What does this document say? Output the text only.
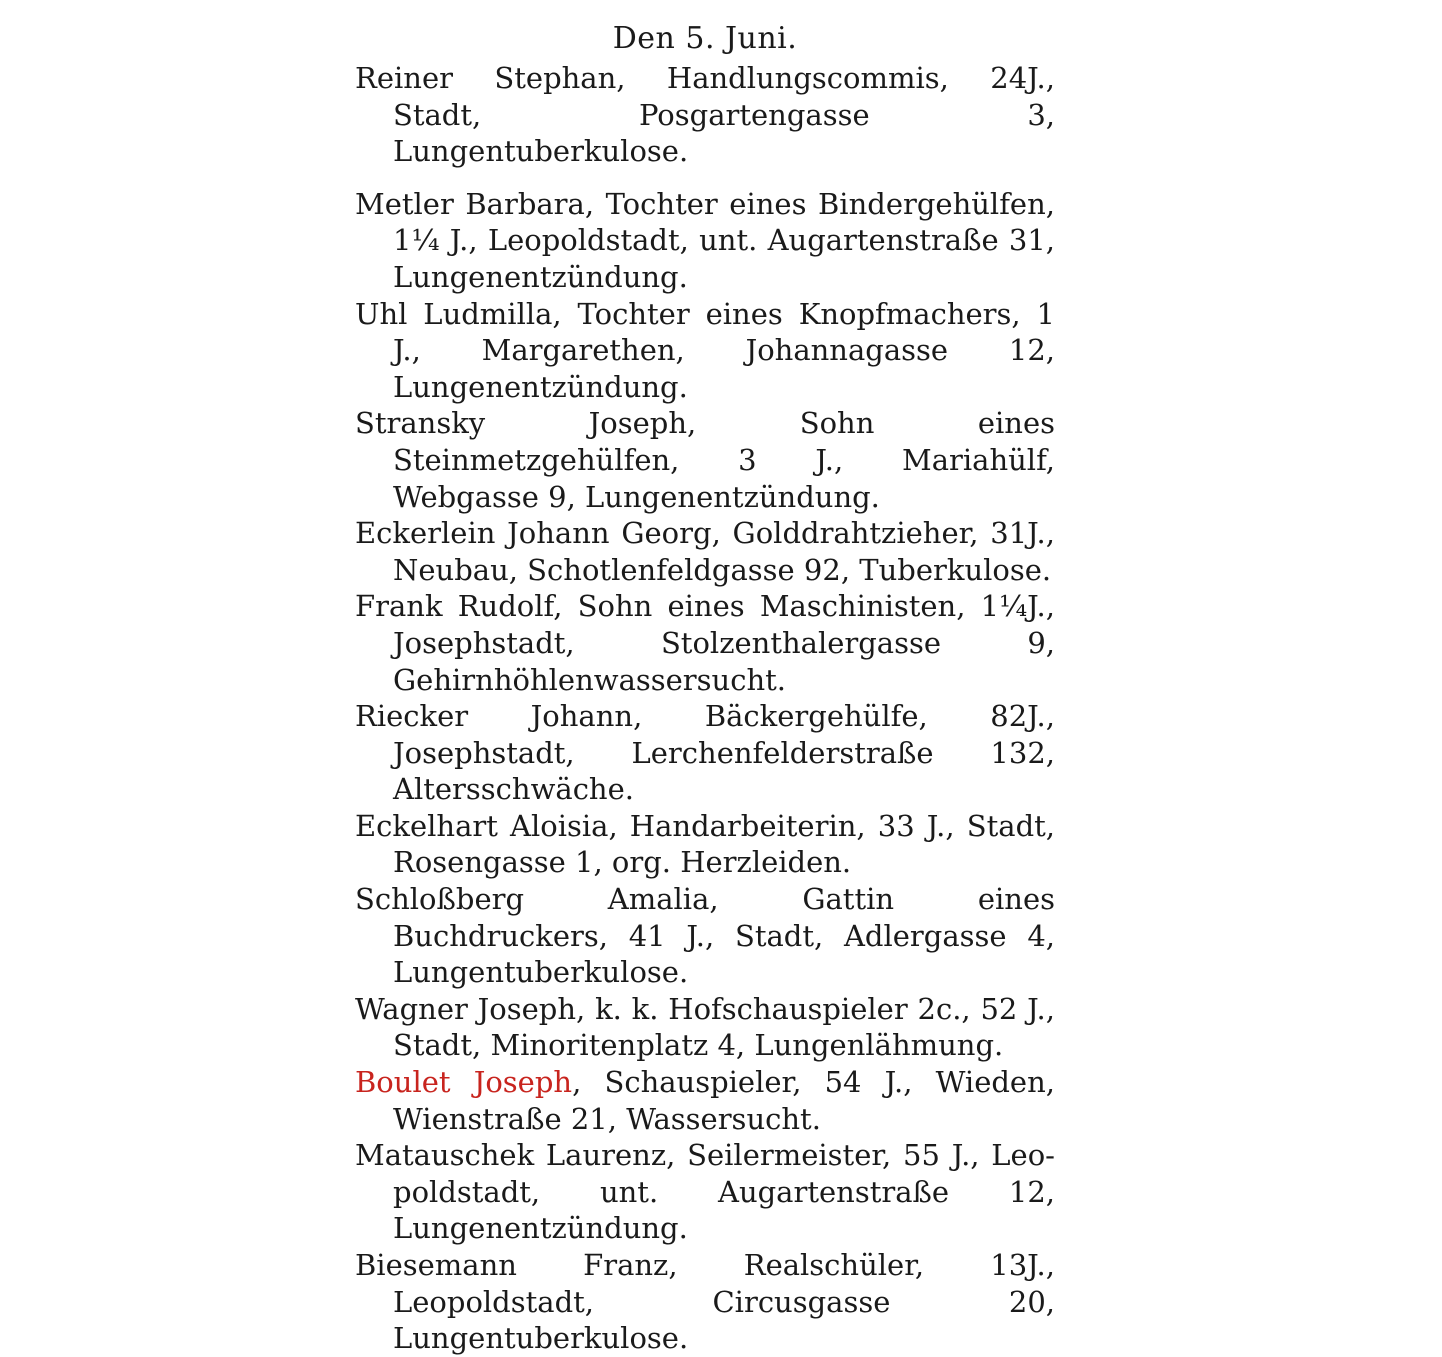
Den 5. Juni.

Reiner Stephan, Handlungscommis, 24J., Stadt, Posgartengasse 3, Lungentuberkulose.

Metler Barbara, Tochter eines Bindergehülfen, 1¼ J., Leopoldstadt, unt. Augartenstraße 31, Lungenentzündung.

Uhl Ludmilla, Tochter eines Knopfmachers, 1 J., Margarethen, Johannagasse 12, Lungenentzündung.

Stransky Joseph, Sohn eines Steinmetzgehülfen, 3 J., Mariahülf, Webgasse 9, Lungenentzündung.

Eckerlein Johann Georg, Golddrahtzieher, 31J., Neubau, Schotlenfeldgasse 92, Tuberkulose.

Frank Rudolf, Sohn eines Maschinisten, 1¼J., Josephstadt, Stolzenthalergasse 9, Gehirnhöhlenwassersucht.

Riecker Johann, Bäckergehülfe, 82J., Josephstadt, Lerchenfelderstraße 132, Altersschwäche.

Eckelhart Aloisia, Handarbeiterin, 33 J., Stadt, Rosengasse 1, org. Herzleiden.

Schloßberg Amalia, Gattin eines Buchdruckers, 41 J., Stadt, Adlergasse 4, Lungentuberkulose.

Wagner Joseph, k. k. Hofschauspieler 2c., 52 J., Stadt, Minoritenplatz 4, Lungenlähmung.

Boulet Joseph, Schauspieler, 54 J., Wieden, Wienstraße 21, Wassersucht.

Matauschek Laurenz, Seilermeister, 55 J., Leopoldstadt, unt. Augartenstraße 12, Lungenentzündung.

Biesemann Franz, Realschüler, 13J., Leopoldstadt, Circusgasse 20, Lungentuberkulose.
